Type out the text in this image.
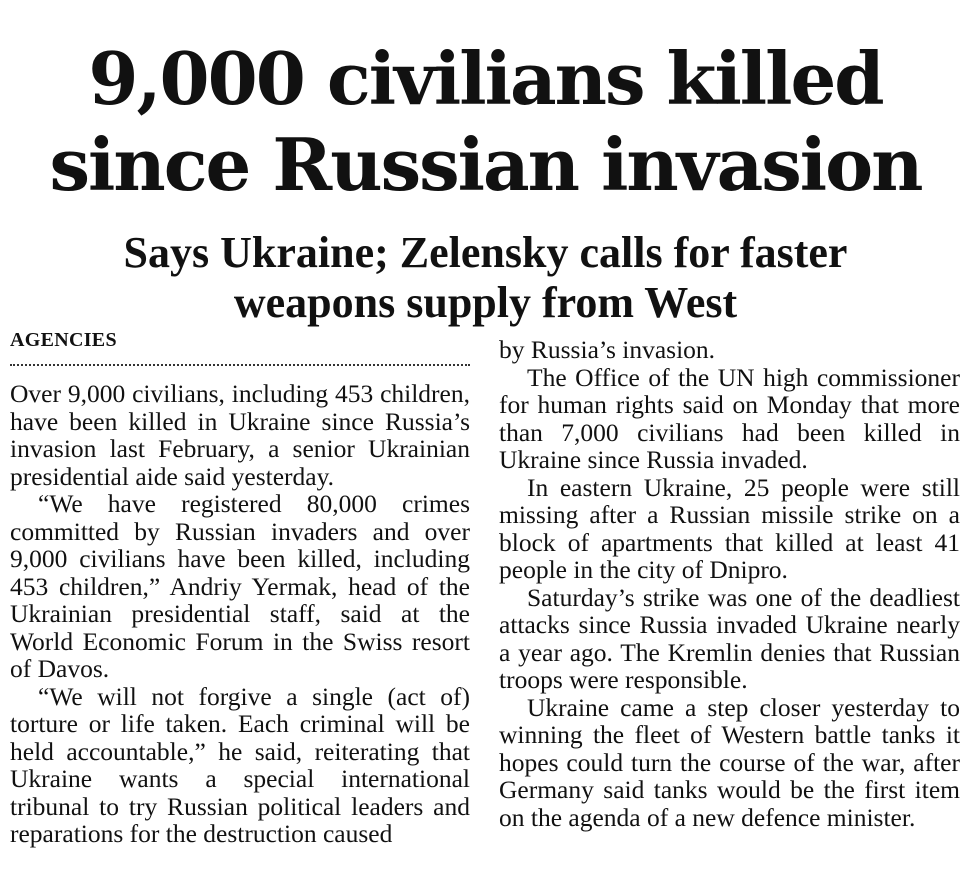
9,000 civilians killed
since Russian invasion
Says Ukraine; Zelensky calls for faster
weapons supply from West
AGENCIES

Over 9,000 civilians, including 453 children, have been killed in Ukraine since Russia’s invasion last February, a senior Ukrainian presidential aide said yesterday.

“We have registered 80,000 crimes committed by Russian invaders and over 9,000 civilians have been killed, including 453 children,” Andriy Yermak, head of the Ukrainian presidential staff, said at the World Economic Forum in the Swiss resort of Davos.

“We will not forgive a single (act of) torture or life taken. Each criminal will be held accountable,” he said, reiterating that Ukraine wants a special international tribunal to try Russian political leaders and reparations for the destruction caused

by Russia’s invasion.

The Office of the UN high commissioner for human rights said on Monday that more than 7,000 civilians had been killed in Ukraine since Russia invaded.

In eastern Ukraine, 25 people were still missing after a Russian missile strike on a block of apartments that killed at least 41 people in the city of Dnipro.

Saturday’s strike was one of the deadliest attacks since Russia invaded Ukraine nearly a year ago. The Kremlin denies that Russian troops were responsible.

Ukraine came a step closer yesterday to winning the fleet of Western battle tanks it hopes could turn the course of the war, after Germany said tanks would be the first item on the agenda of a new defence minister.
